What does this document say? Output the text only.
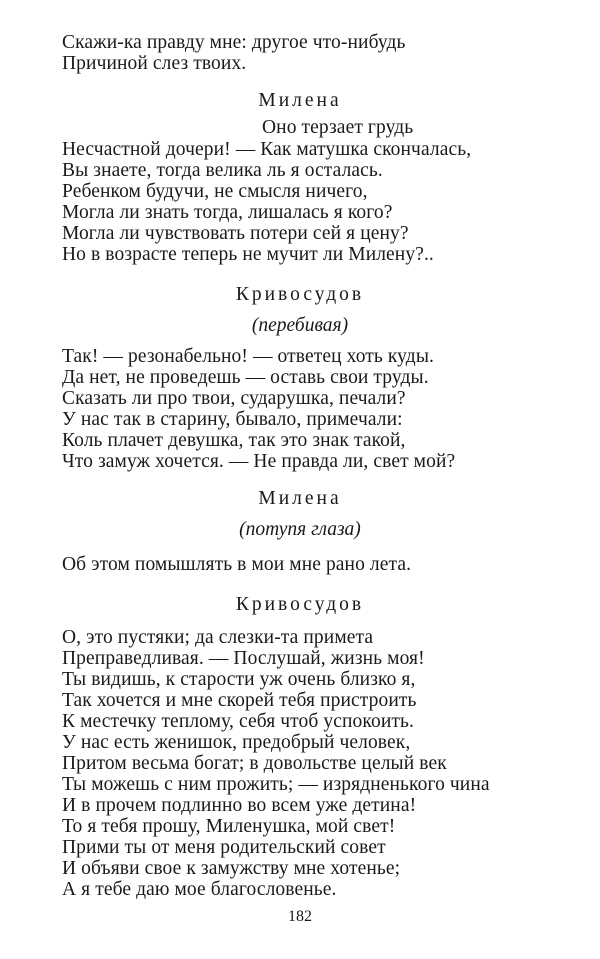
Скажи-ка правду мне: другое что-нибудь
Причиной слез твоих.
Милена
Оно терзает грудь
Несчастной дочери! — Как матушка скончалась,
Вы знаете, тогда велика ль я осталась.
Ребенком будучи, не смысля ничего,
Могла ли знать тогда, лишалась я кого?
Могла ли чувствовать потери сей я цену?
Но в возрасте теперь не мучит ли Милену?..
Кривосудов
(перебивая)
Так! — резонабельно! — ответец хоть куды.
Да нет, не проведешь — оставь свои труды.
Сказать ли про твои, сударушка, печали?
У нас так в старину, бывало, примечали:
Коль плачет девушка, так это знак такой,
Что замуж хочется. — Не правда ли, свет мой?
Милена
(потупя глаза)
Об этом помышлять в мои мне рано лета.
Кривосудов
О, это пустяки; да слезки-та примета
Преправедливая. — Послушай, жизнь моя!
Ты видишь, к старости уж очень близко я,
Так хочется и мне скорей тебя пристроить
К местечку теплому, себя чтоб успокоить.
У нас есть женишок, предобрый человек,
Притом весьма богат; в довольстве целый век
Ты можешь с ним прожить; — изрядненького чина
И в прочем подлинно во всем уже детина!
То я тебя прошу, Миленушка, мой свет!
Прими ты от меня родительский совет
И объяви свое к замужству мне хотенье;
А я тебе даю мое благословенье.
182
